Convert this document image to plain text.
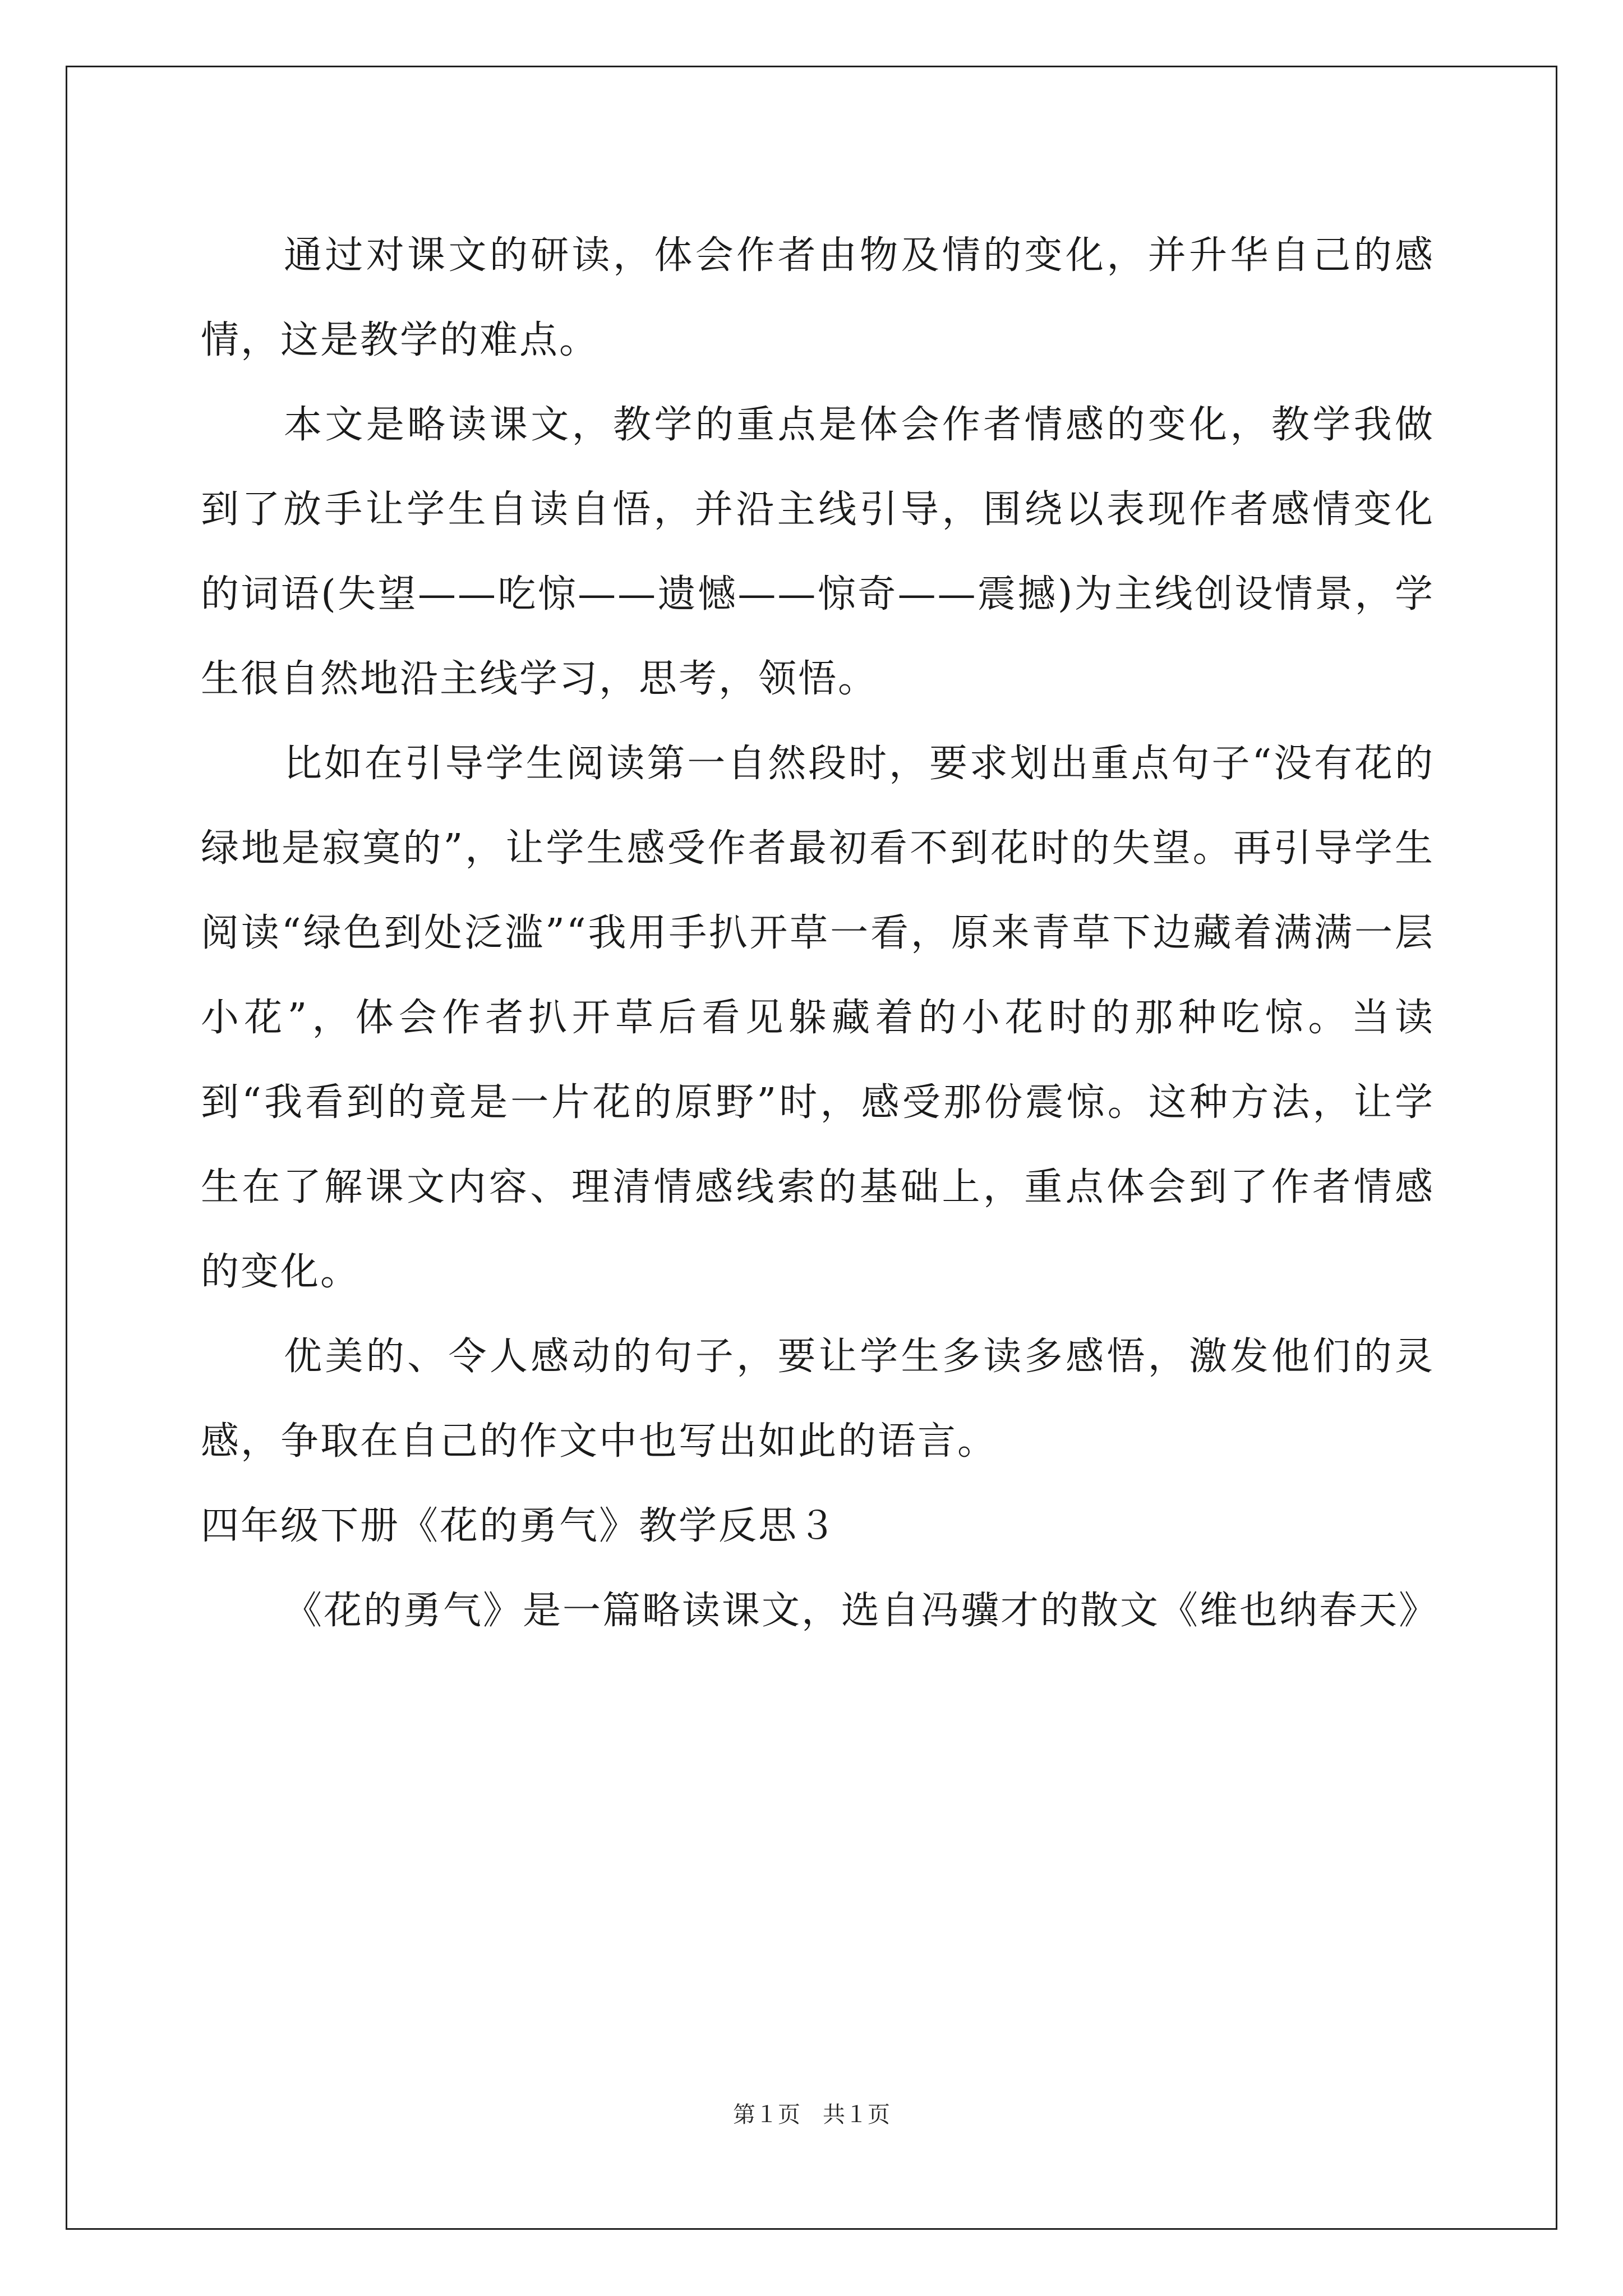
通过对课文的研读，体会作者由物及情的变化，并升华自己的感情，这是教学的难点。

本文是略读课文，教学的重点是体会作者情感的变化，教学我做到了放手让学生自读自悟，并沿主线引导，围绕以表现作者感情变化的词语(失望——吃惊——遗憾——惊奇——震撼)为主线创设情景，学生很自然地沿主线学习，思考，领悟。

比如在引导学生阅读第一自然段时，要求划出重点句子“没有花的绿地是寂寞的”，让学生感受作者最初看不到花时的失望。再引导学生阅读“绿色到处泛滥”“我用手扒开草一看，原来青草下边藏着满满一层小花”，体会作者扒开草后看见躲藏着的小花时的那种吃惊。当读到“我看到的竟是一片花的原野”时，感受那份震惊。这种方法，让学生在了解课文内容、理清情感线索的基础上，重点体会到了作者情感的变化。

优美的、令人感动的句子，要让学生多读多感悟，激发他们的灵感，争取在自己的作文中也写出如此的语言。

四年级下册《花的勇气》教学反思３

《花的勇气》是一篇略读课文，选自冯骥才的散文《维也纳春天》

第１页 共１页
